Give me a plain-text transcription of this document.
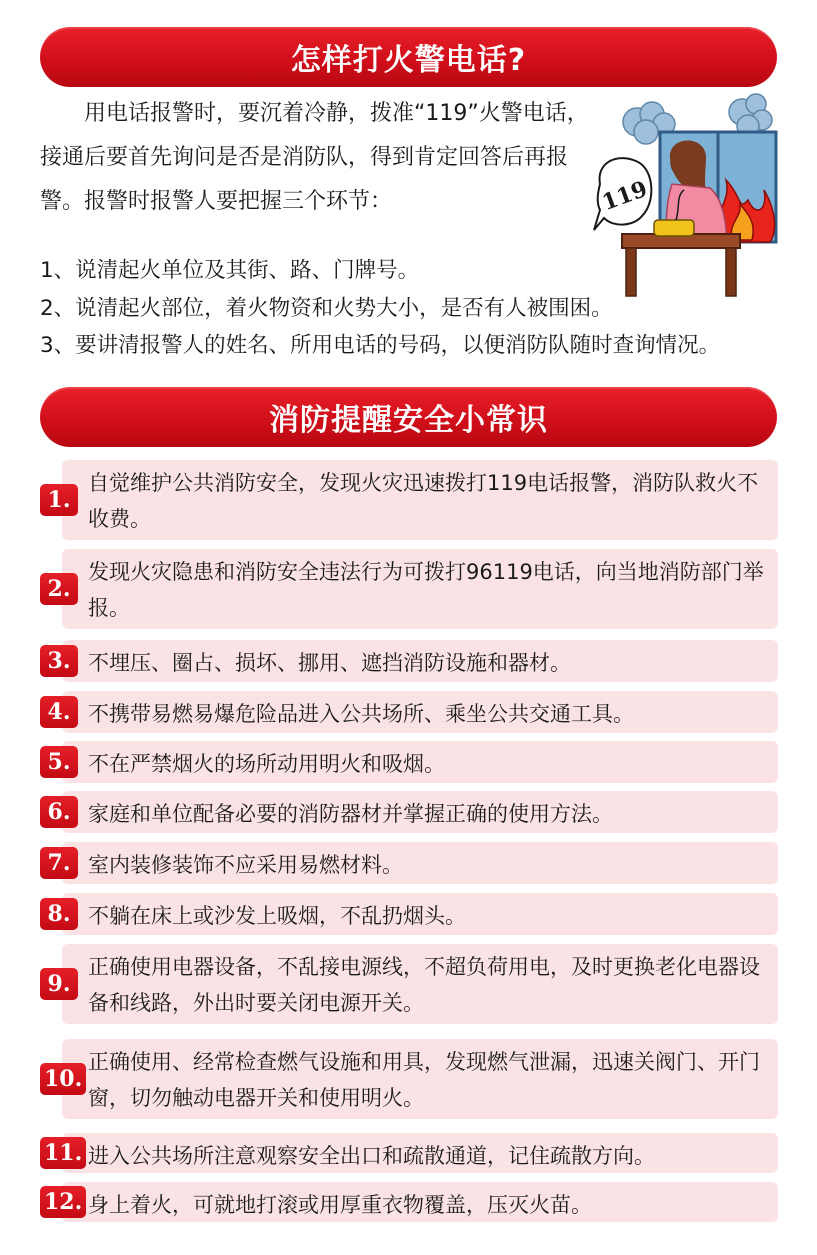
怎样打火警电话?

用电话报警时，要沉着冷静，拨准“119”火警电话，接通后要首先询问是否是消防队，得到肯定回答后再报警。报警时报警人要把握三个环节：	119
1、说清起火单位及其街、路、门牌号。
2、说清起火部位，着火物资和火势大小，是否有人被围困。
3、要讲清报警人的姓名、所用电话的号码，以便消防队随时查询情况。
消防提醒安全小常识
自觉维护公共消防安全，发现火灾迅速拨打119电话报警，消防队救火不收费。
1.
发现火灾隐患和消防安全违法行为可拨打96119电话，向当地消防部门举报。
2.
不埋压、圈占、损坏、挪用、遮挡消防设施和器材。
3.
不携带易燃易爆危险品进入公共场所、乘坐公共交通工具。
4.
不在严禁烟火的场所动用明火和吸烟。
5.
家庭和单位配备必要的消防器材并掌握正确的使用方法。
6.
室内装修装饰不应采用易燃材料。
7.
不躺在床上或沙发上吸烟，不乱扔烟头。
8.
正确使用电器设备，不乱接电源线，不超负荷用电，及时更换老化电器设备和线路，外出时要关闭电源开关。
9.
正确使用、经常检查燃气设施和用具，发现燃气泄漏，迅速关阀门、开门窗，切勿触动电器开关和使用明火。
10.
进入公共场所注意观察安全出口和疏散通道，记住疏散方向。
11.
身上着火，可就地打滚或用厚重衣物覆盖，压灭火苗。
12.
